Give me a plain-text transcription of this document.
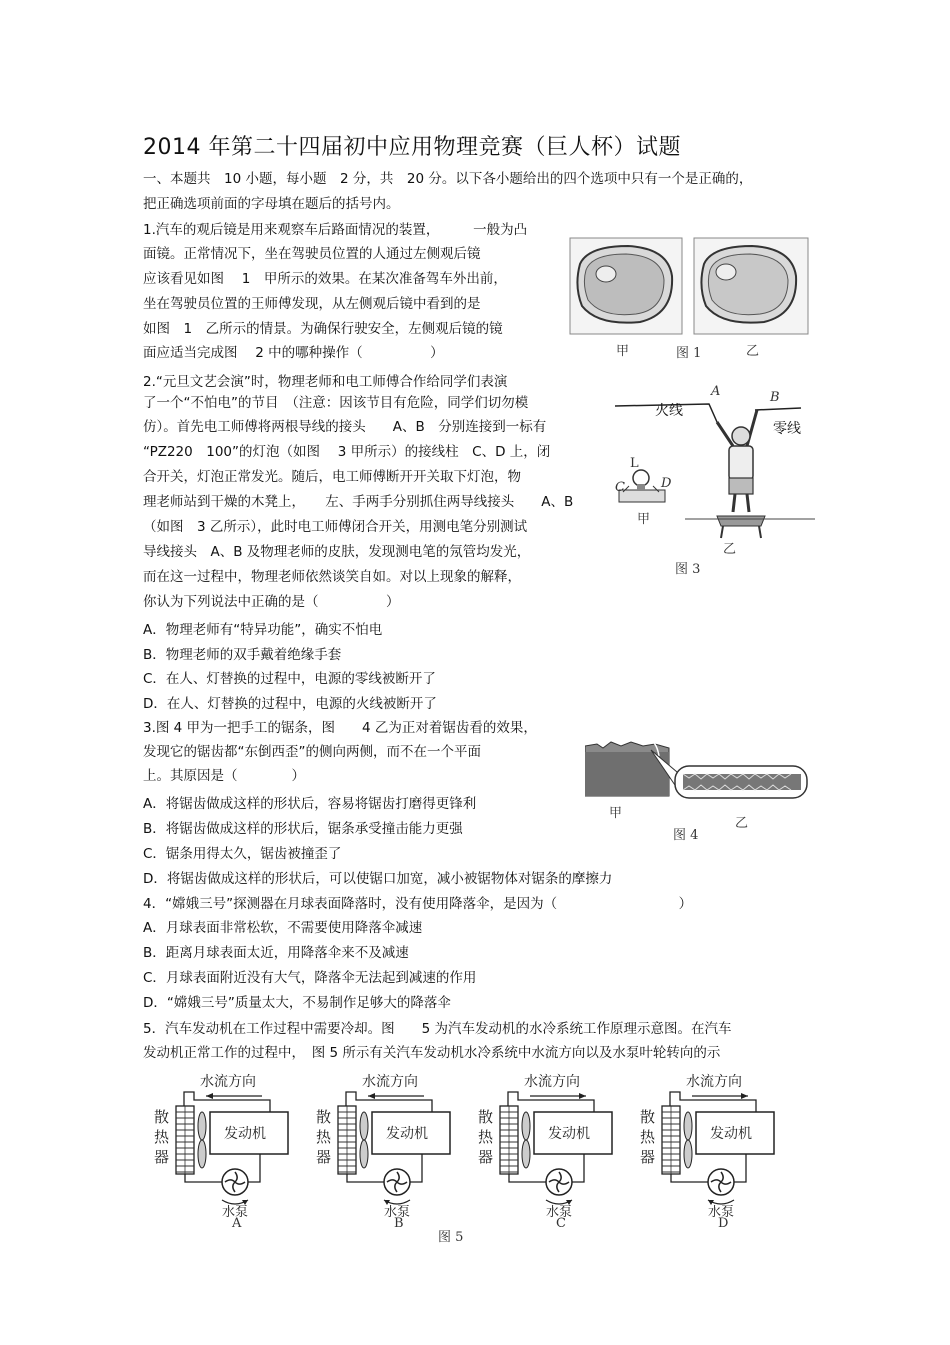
2014 年第二十四届初中应用物理竞赛（巨人杯）试题
一、本题共　10 小题，每小题　2 分，共　20 分。以下各小题给出的四个选项中只有一个是正确的，
把正确选项前面的字母填在题后的括号内。
1.汽车的观后镜是用来观察车后路面情况的装置，　　　一般为凸
面镜。正常情况下，坐在驾驶员位置的人通过左侧观后镜
应该看见如图　 1　甲所示的效果。在某次准备驾车外出前，
坐在驾驶员位置的王师傅发现，从左侧观后镜中看到的是
如图　1　乙所示的情景。为确保行驶安全，左侧观后镜的镜
面应适当完成图　 2 中的哪种操作（　　　　　）	甲	图 1	乙
2.“元旦文艺会演”时，物理老师和电工师傅合作给同学们表演
了一个“不怕电”的节目　（注意：因该节目有危险，同学们切勿模
仿）。首先电工师傅将两根导线的接头　　A、B　分别连接到一标有
“PZ220　100”的灯泡（如图　 3 甲所示）的接线柱　C、D 上，闭
合开关，灯泡正常发光。随后，电工师傅断开开关取下灯泡，物
理老师站到干燥的木凳上，　　左、手两手分别抓住两导线接头　　A、B
（如图　3 乙所示），此时电工师傅闭合开关，用测电笔分别测试
导线接头　A、B 及物理老师的皮肤，发现测电笔的氖管均发光，
而在这一过程中，物理老师依然谈笑自如。对以上现象的解释，
你认为下列说法中正确的是（　　　　　）
A．物理老师有“特异功能”，确实不怕电
B．物理老师的双手戴着绝缘手套
C．在人、灯替换的过程中，电源的零线被断开了
D．在人、灯替换的过程中，电源的火线被断开了
火线
零线
A	B
L
C	D
甲
乙
图 3
3.图 4 甲为一把手工的锯条，图　　4 乙为正对着锯齿看的效果，
发现它的锯齿都“东倒西歪”的侧向两侧，而不在一个平面
上。其原因是（　　　　）
A．将锯齿做成这样的形状后，容易将锯齿打磨得更锋利
B．将锯齿做成这样的形状后，锯条承受撞击能力更强
C．锯条用得太久，锯齿被撞歪了
D．将锯齿做成这样的形状后，可以使锯口加宽，减小被锯物体对锯条的摩擦力
甲
图 4
乙
4．“嫦娥三号”探测器在月球表面降落时，没有使用降落伞，是因为（　　　　　　　　　）
A．月球表面非常松软，不需要使用降落伞减速
B．距离月球表面太近，用降落伞来不及减速
C．月球表面附近没有大气，降落伞无法起到减速的作用
D．“嫦娥三号”质量太大，不易制作足够大的降落伞
5．汽车发动机在工作过程中需要冷却。图　　5 为汽车发动机的水冷系统工作原理示意图。在汽车
发动机正常工作的过程中，　图 5 所示有关汽车发动机水冷系统中水流方向以及水泵叶轮转向的示
水流方向
发动机
散
热
器
水泵
水流方向
发动机
散
热
器
水泵
水流方向
发动机
散
热
器
水泵
水流方向
发动机
散
热
器
水泵
图 5
A	B	C	D
